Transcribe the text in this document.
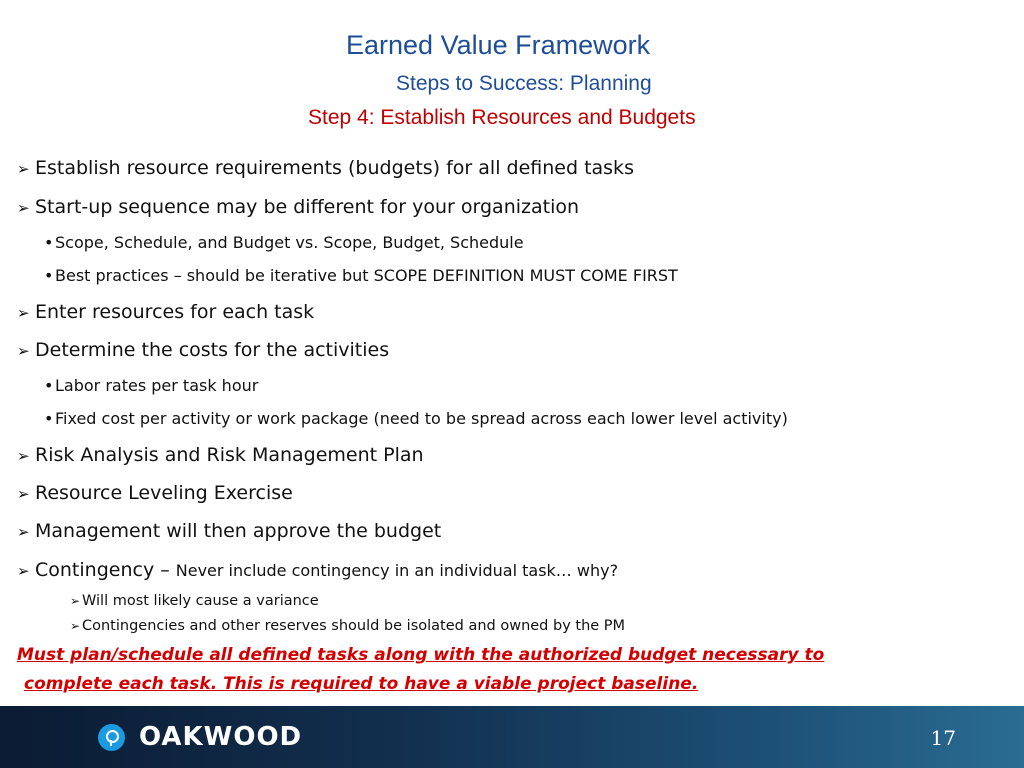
Earned Value Framework
Steps to Success: Planning
Step 4: Establish Resources and Budgets
➢ Establish resource requirements (budgets) for all defined tasks
➢ Start-up sequence may be different for your organization
•Scope, Schedule, and Budget vs. Scope, Budget, Schedule
•Best practices – should be iterative but SCOPE DEFINITION MUST COME FIRST
➢ Enter resources for each task
➢ Determine the costs for the activities
•Labor rates per task hour
•Fixed cost per activity or work package (need to be spread across each lower level activity)
➢ Risk Analysis and Risk Management Plan
➢ Resource Leveling Exercise
➢ Management will then approve the budget
➢ Contingency – Never include contingency in an individual task… why?
➢ Will most likely cause a variance
➢ Contingencies and other reserves should be isolated and owned by the PM
Must plan/schedule all defined tasks along with the authorized budget necessary to
complete each task. This is required to have a viable project baseline.
OAKWOOD	17
